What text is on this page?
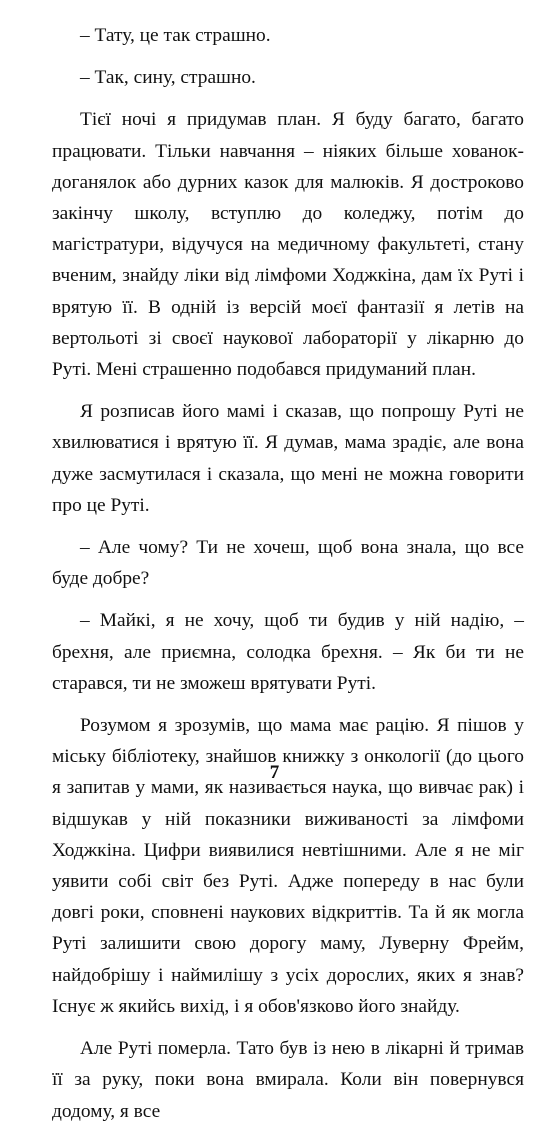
– Тату, це так страшно.

– Так, сину, страшно.

Тієї ночі я придумав план. Я буду багато, багато працювати. Тільки навчання – ніяких більше хованок-доганялок або дурних казок для малюків. Я достроково закінчу школу, вступлю до коледжу, потім до магістратури, відучуся на медичному факультеті, стану вченим, знайду ліки від лімфоми Ходжкіна, дам їх Руті і врятую її. В одній із версій моєї фантазії я летів на вертольоті зі своєї наукової лабораторії у лікарню до Руті. Мені страшенно подобався придуманий план.

Я розписав його мамі і сказав, що попрошу Руті не хвилюватися і врятую її. Я думав, мама зрадіє, але вона дуже засмутилася і сказала, що мені не можна говорити про це Руті.

– Але чому? Ти не хочеш, щоб вона знала, що все буде добре?

– Майкі, я не хочу, щоб ти будив у ній надію, – брехня, але приємна, солодка брехня. – Як би ти не старався, ти не зможеш врятувати Руті.

Розумом я зрозумів, що мама має рацію. Я пішов у міську бібліотеку, знайшов книжку з онкології (до цього я запитав у мами, як називається наука, що вивчає рак) і відшукав у ній показники виживаності за лімфоми Ходжкіна. Цифри виявилися невтішними. Але я не міг уявити собі світ без Руті. Адже попереду в нас були довгі роки, сповнені наукових відкриттів. Та й як могла Руті залишити свою дорогу маму, Луверну Фрейм, найдобрішу і наймилішу з усіх дорослих, яких я знав? Існує ж якийсь вихід, і я обов'язково його знайду.

Але Руті померла. Тато був із нею в лікарні й тримав її за руку, поки вона вмирала. Коли він повернувся додому, я все

7
